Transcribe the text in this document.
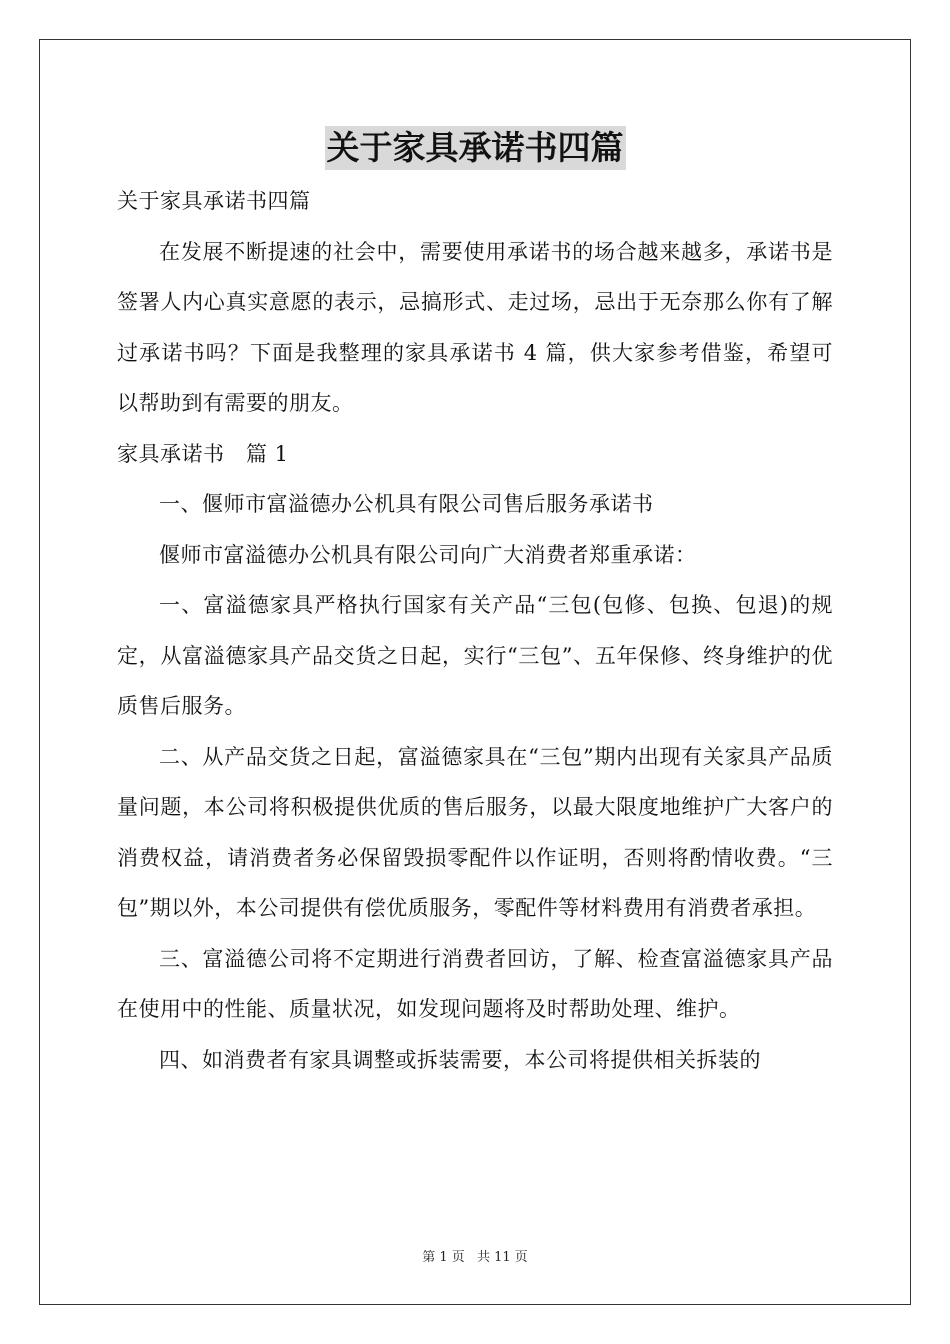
关于家具承诺书四篇

关于家具承诺书四篇

在发展不断提速的社会中，需要使用承诺书的场合越来越多，承诺书是签署人内心真实意愿的表示，忌搞形式、走过场，忌出于无奈那么你有了解过承诺书吗？下面是我整理的家具承诺书 4 篇，供大家参考借鉴，希望可以帮助到有需要的朋友。

家具承诺书　篇 1

一、偃师市富溢德办公机具有限公司售后服务承诺书

偃师市富溢德办公机具有限公司向广大消费者郑重承诺：

一、富溢德家具严格执行国家有关产品“三包(包修、包换、包退)的规定，从富溢德家具产品交货之日起，实行“三包”、五年保修、终身维护的优质售后服务。

二、从产品交货之日起，富溢德家具在“三包”期内出现有关家具产品质量问题，本公司将积极提供优质的售后服务，以最大限度地维护广大客户的消费权益，请消费者务必保留毁损零配件以作证明，否则将酌情收费。“三包”期以外，本公司提供有偿优质服务，零配件等材料费用有消费者承担。

三、富溢德公司将不定期进行消费者回访，了解、检查富溢德家具产品在使用中的性能、质量状况，如发现问题将及时帮助处理、维护。

四、如消费者有家具调整或拆装需要，本公司将提供相关拆装的

第 1 页 共 11 页
